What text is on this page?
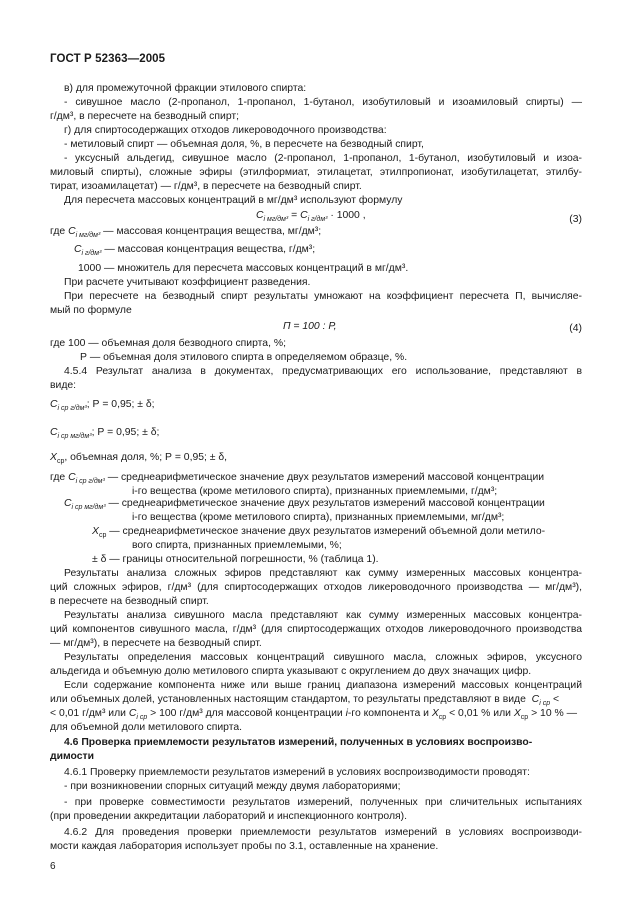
ГОСТ Р 52363—2005
в) для промежуточной фракции этилового спирта:
- сивушное масло (2-пропанол, 1-пропанол, 1-бутанол, изобутиловый и изоамиловый спирты) —
г/дм³, в пересчете на безводный спирт;
г) для спиртосодержащих отходов ликероводочного производства:
- метиловый спирт — объемная доля, %, в пересчете на безводный спирт,
- уксусный альдегид, сивушное масло (2-пропанол, 1-пропанол, 1-бутанол, изобутиловый и изоа-
миловый спирты), сложные эфиры (этилформиат, этилацетат, этилпропионат, изобутилацетат, этилбу-
тират, изоамилацетат) — г/дм³, в пересчете на безводный спирт.
Для пересчета массовых концентраций в мг/дм³ используют формулу
$C_{i мг/дм^3} = C_{i г/дм^3} \cdot 1000$ ,	(3)
где $C_{i мг/дм^3}$ — массовая концентрация вещества, мг/дм³;
$C_{i г/дм^3}$ — массовая концентрация вещества, г/дм³;
1000 — множитель для пересчета массовых концентраций в мг/дм³.
При расчете учитывают коэффициент разведения.
При пересчете на безводный спирт результаты умножают на коэффициент пересчета П, вычисляе-
мый по формуле
П = 100 : Р,	(4)
где 100 — объемная доля безводного спирта, %;
Р — объемная доля этилового спирта в определяемом образце, %.
4.5.4 Результат анализа в документах, предусматривающих его использование, представляют в
виде:
$C_{i ср г/дм^3}$; Р = 0,95; ± δ;
$C_{i ср мг/дм^3}$; Р = 0,95; ± δ;
$X_{ср}$, объемная доля, %; Р = 0,95; ± δ,
где $C_{i ср г/дм^3}$ — среднеарифметическое значение двух результатов измерений массовой концентрации
i-го вещества (кроме метилового спирта), признанных приемлемыми, г/дм³;
$C_{i ср мг/дм^3}$ — среднеарифметическое значение двух результатов измерений массовой концентрации
i-го вещества (кроме метилового спирта), признанных приемлемыми, мг/дм³;
$X_{ср}$ — среднеарифметическое значение двух результатов измерений объемной доли метило-
вого спирта, признанных приемлемыми, %;
± δ — границы относительной погрешности, % (таблица 1).
Результаты анализа сложных эфиров представляют как сумму измеренных массовых концентра-
ций сложных эфиров, г/дм³ (для спиртосодержащих отходов ликероводочного производства — мг/дм³),
в пересчете на безводный спирт.
Результаты анализа сивушного масла представляют как сумму измеренных массовых концентра-
ций компонентов сивушного масла, г/дм³ (для спиртосодержащих отходов ликероводочного производства
— мг/дм³), в пересчете на безводный спирт.
Результаты определения массовых концентраций сивушного масла, сложных эфиров, уксусного
альдегида и объемную долю метилового спирта указывают с округлением до двух значащих цифр.
Если содержание компонента ниже или выше границ диапазона измерений массовых концентраций
или объемных долей, установленных настоящим стандартом, то результаты представляют в виде $C_{i ср}$ <
< 0,01 г/дм³ или $C_{i ср} > 100$ г/дм³ для массовой концентрации i-го компонента и $X_{ср} < 0,01$ % или $X_{ср} > 10$ % —
для объемной доли метилового спирта.
4.6 Проверка приемлемости результатов измерений, полученных в условиях воспроизво-
димости
4.6.1 Проверку приемлемости результатов измерений в условиях воспроизводимости проводят:
- при возникновении спорных ситуаций между двумя лабораториями;
- при проверке совместимости результатов измерений, полученных при сличительных испытаниях
(при проведении аккредитации лабораторий и инспекционного контроля).
4.6.2 Для проведения проверки приемлемости результатов измерений в условиях воспроизводи-
мости каждая лаборатория использует пробы по 3.1, оставленные на хранение.
6
